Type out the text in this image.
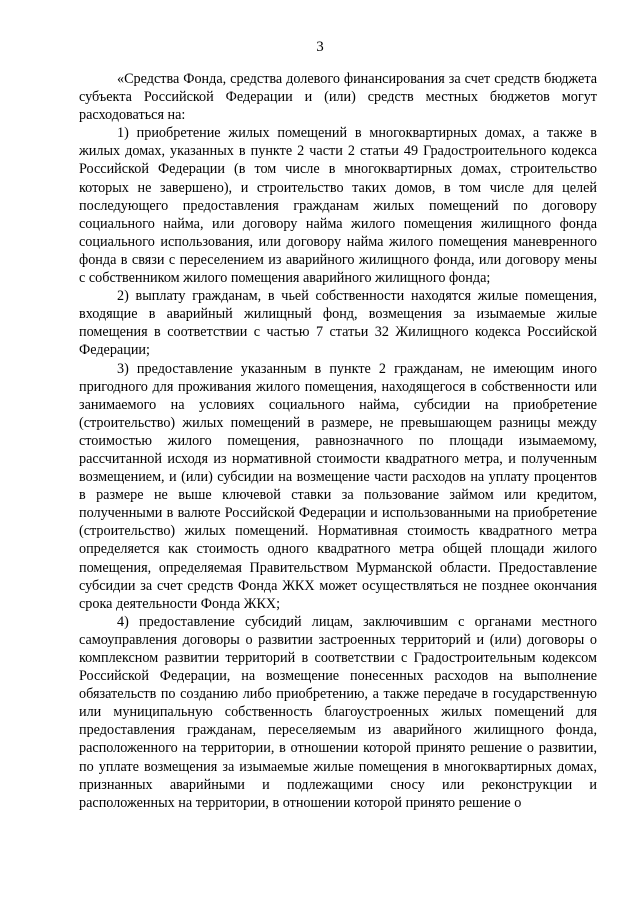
3

«Средства Фонда, средства долевого финансирования за счет средств бюджета субъекта Российской Федерации и (или) средств местных бюджетов могут расходоваться на:

1) приобретение жилых помещений в многоквартирных домах, а также в жилых домах, указанных в пункте 2 части 2 статьи 49 Градостроительного кодекса Российской Федерации (в том числе в многоквартирных домах, строительство которых не завершено), и строительство таких домов, в том числе для целей последующего предоставления гражданам жилых помещений по договору социального найма, или договору найма жилого помещения жилищного фонда социального использования, или договору найма жилого помещения маневренного фонда в связи с переселением из аварийного жилищного фонда, или договору мены с собственником жилого помещения аварийного жилищного фонда;

2) выплату гражданам, в чьей собственности находятся жилые помещения, входящие в аварийный жилищный фонд, возмещения за изымаемые жилые помещения в соответствии с частью 7 статьи 32 Жилищного кодекса Российской Федерации;

3) предоставление указанным в пункте 2 гражданам, не имеющим иного пригодного для проживания жилого помещения, находящегося в собственности или занимаемого на условиях социального найма, субсидии на приобретение (строительство) жилых помещений в размере, не превышающем разницы между стоимостью жилого помещения, равнозначного по площади изымаемому, рассчитанной исходя из нормативной стоимости квадратного метра, и полученным возмещением, и (или) субсидии на возмещение части расходов на уплату процентов в размере не выше ключевой ставки за пользование займом или кредитом, полученными в валюте Российской Федерации и использованными на приобретение (строительство) жилых помещений. Нормативная стоимость квадратного метра определяется как стоимость одного квадратного метра общей площади жилого помещения, определяемая Правительством Мурманской области. Предоставление субсидии за счет средств Фонда ЖКХ может осуществляться не позднее окончания срока деятельности Фонда ЖКХ;

4) предоставление субсидий лицам, заключившим с органами местного самоуправления договоры о развитии застроенных территорий и (или) договоры о комплексном развитии территорий в соответствии с Градостроительным кодексом Российской Федерации, на возмещение понесенных расходов на выполнение обязательств по созданию либо приобретению, а также передаче в государственную или муниципальную собственность благоустроенных жилых помещений для предоставления гражданам, переселяемым из аварийного жилищного фонда, расположенного на территории, в отношении которой принято решение о развитии, по уплате возмещения за изымаемые жилые помещения в многоквартирных домах, признанных аварийными и подлежащими сносу или реконструкции и расположенных на территории, в отношении которой принято решение о
